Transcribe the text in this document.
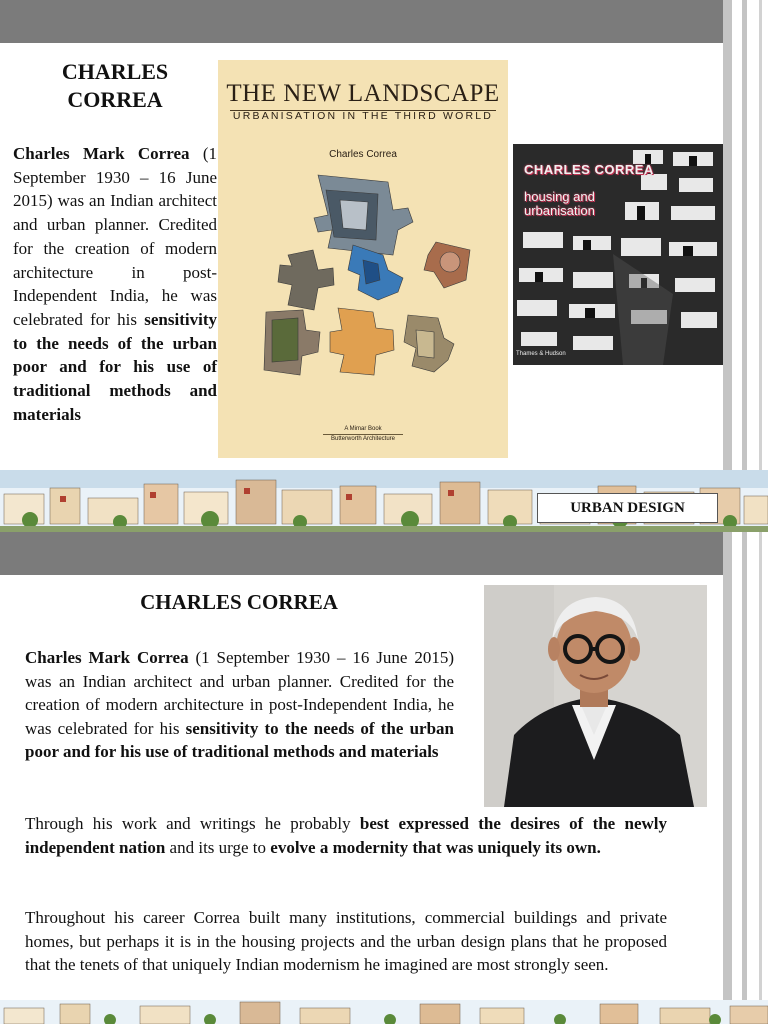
CHARLES CORREA
Charles Mark Correa (1 September 1930 – 16 June 2015) was an Indian architect and urban planner. Credited for the creation of modern architecture in post-Independent India, he was celebrated for his sensitivity to the needs of the urban poor and for his use of traditional methods and materials
THE NEW LANDSCAPE
URBANISATION IN THE THIRD WORLD
Charles Correa
A Mimar Book
Butterworth Architecture
CHARLES CORREA
housing and urbanisation
Thames & Hudson
URBAN DESIGN
CHARLES CORREA
Charles Mark Correa (1 September 1930 – 16 June 2015) was an Indian architect and urban planner. Credited for the creation of modern architecture in post-Independent India, he was celebrated for his sensitivity to the needs of the urban poor and for his use of traditional methods and materials
Through his work and writings he probably best expressed the desires of the newly independent nation and its urge to evolve a modernity that was uniquely its own.
Throughout his career Correa built many institutions, commercial buildings and private homes, but perhaps it is in the housing projects and the urban design plans that he proposed that the tenets of that uniquely Indian modernism he imagined are most strongly seen.
